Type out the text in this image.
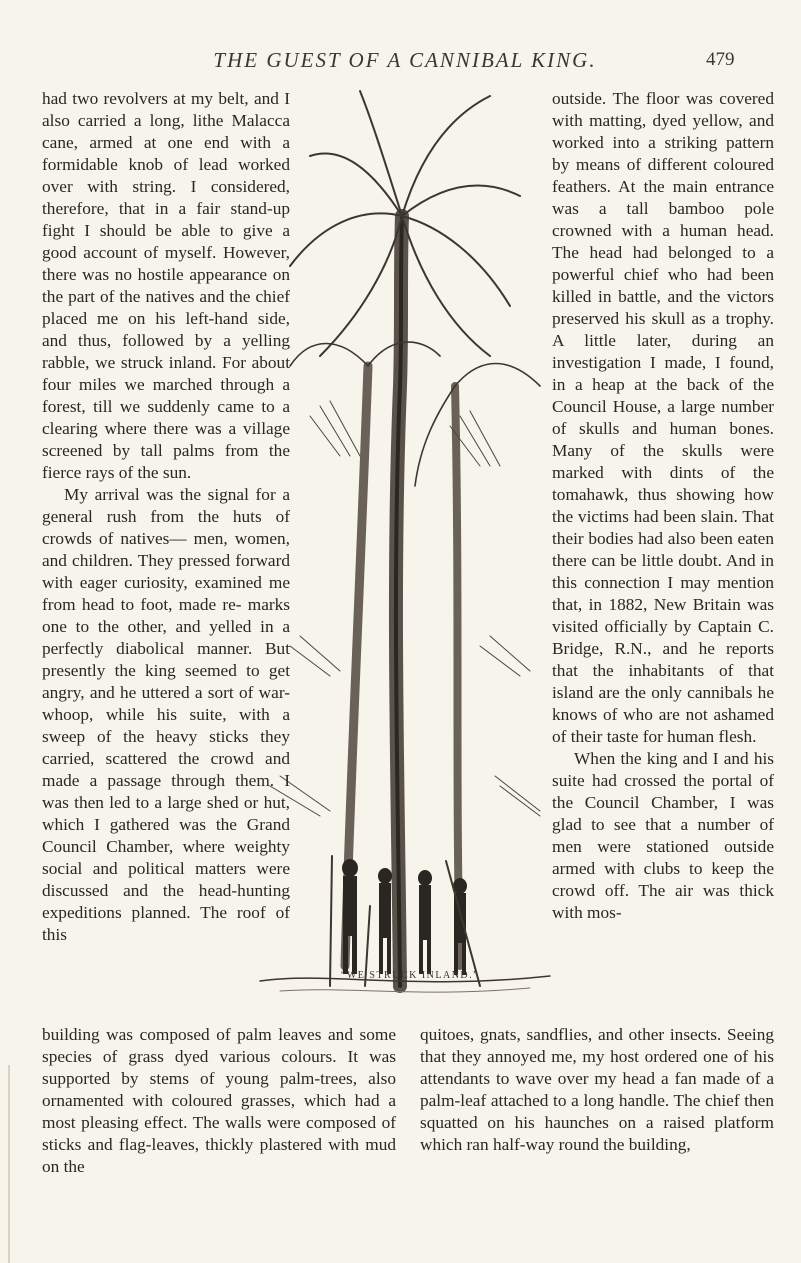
THE GUEST OF A CANNIBAL KING.	479
“WE STRUCK INLAND.”

had two revolvers at my belt, and I also carried a long, lithe Malacca cane, armed at one end with a formidable knob of lead worked over with string. I considered, therefore, that in a fair stand-up fight I should be able to give a good account of myself. However, there was no hostile appearance on the part of the natives and the chief placed me on his left-hand side, and thus, followed by a yelling rabble, we struck inland. For about four miles we marched through a forest, till we suddenly came to a clearing where there was a village screened by tall palms from the fierce rays of the sun.

My arrival was the signal for a general rush from the huts of crowds of natives— men, women, and children. They pressed forward with eager curiosity, examined me from head to foot, made re‐ marks one to the other, and yelled in a perfectly diabolical manner. But presently the king seemed to get angry, and he uttered a sort of war-whoop, while his suite, with a sweep of the heavy sticks they carried, scattered the crowd and made a passage through them. I was then led to a large shed or hut, which I gathered was the Grand Council Chamber, where weighty social and political matters were discussed and the head-hunting expeditions planned. The roof of this

outside. The floor was covered with matting, dyed yellow, and worked into a striking pattern by means of different coloured feathers. At the main entrance was a tall bamboo pole crowned with a human head. The head had belonged to a powerful chief who had been killed in battle, and the victors preserved his skull as a trophy. A little later, during an investigation I made, I found, in a heap at the back of the Council House, a large number of skulls and human bones. Many of the skulls were marked with dints of the tomahawk, thus showing how the victims had been slain. That their bodies had also been eaten there can be little doubt. And in this connection I may mention that, in 1882, New Britain was visited officially by Captain C. Bridge, R.N., and he reports that the inhabitants of that island are the only cannibals he knows of who are not ashamed of their taste for human flesh.

When the king and I and his suite had crossed the portal of the Council Chamber, I was glad to see that a number of men were stationed outside armed with clubs to keep the crowd off. The air was thick with mos-

building was composed of palm leaves and some species of grass dyed various colours. It was supported by stems of young palm-trees, also ornamented with coloured grasses, which had a most pleasing effect. The walls were composed of sticks and flag-leaves, thickly plastered with mud on the

quitoes, gnats, sandflies, and other insects. Seeing that they annoyed me, my host ordered one of his attendants to wave over my head a fan made of a palm-leaf attached to a long handle. The chief then squatted on his haunches on a raised platform which ran half-way round the building,
